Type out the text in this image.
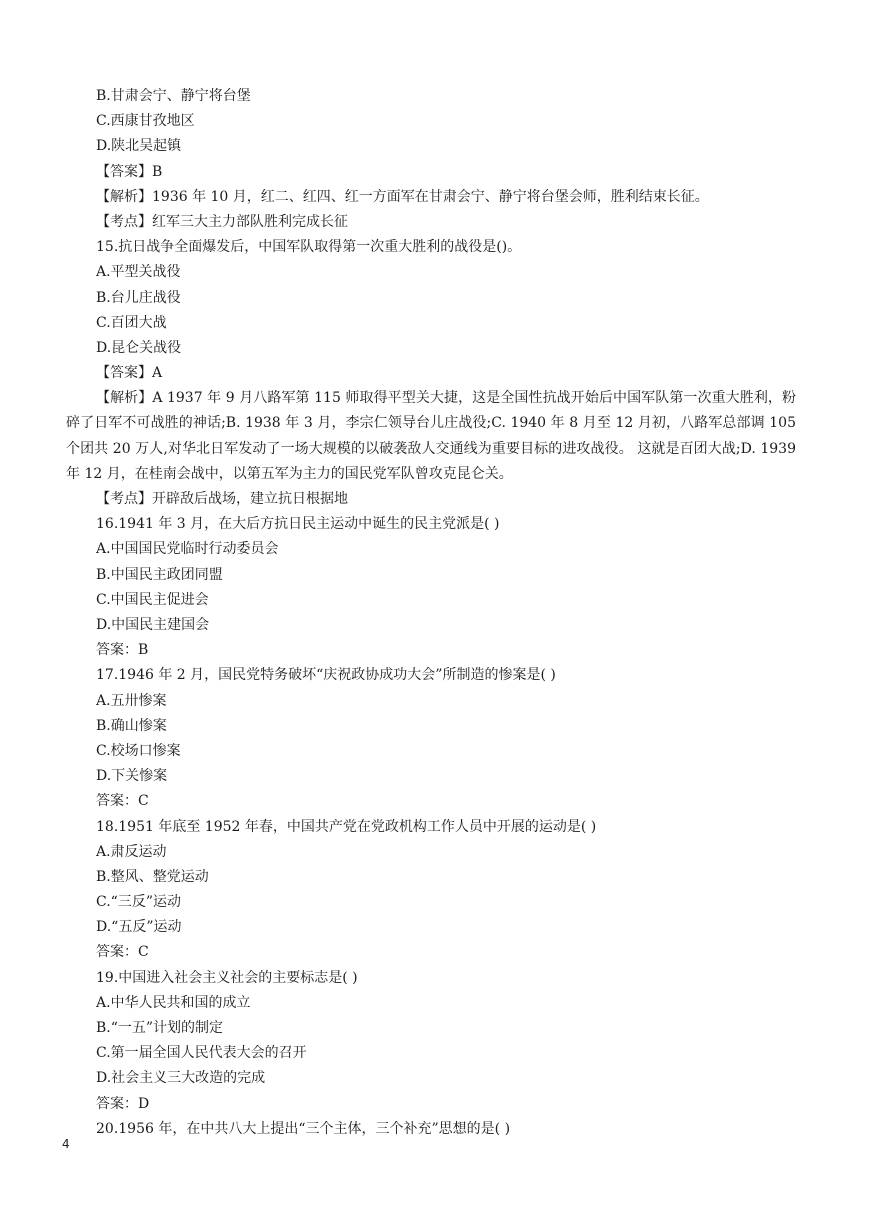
B.甘肃会宁、静宁将台堡
C.西康甘孜地区
D.陕北吴起镇
【答案】B
【解析】1936 年 10 月，红二、红四、红一方面军在甘肃会宁、静宁将台堡会师，胜利结束长征。
【考点】红军三大主力部队胜利完成长征
15.抗日战争全面爆发后，中国军队取得第一次重大胜利的战役是()。
A.平型关战役
B.台儿庄战役
C.百团大战
D.昆仑关战役
【答案】A

【解析】A 1937 年 9 月八路军第 115 师取得平型关大捷，这是全国性抗战开始后中国军队第一次重大胜利，粉碎了日军不可战胜的神话;B. 1938 年 3 月，李宗仁领导台儿庄战役;C. 1940 年 8 月至 12 月初，八路军总部调 105 个团共 20 万人,对华北日军发动了一场大规模的以破袭敌人交通线为重要目标的进攻战役。 这就是百团大战;D. 1939 年 12 月，在桂南会战中，以第五军为主力的国民党军队曾攻克昆仑关。

【考点】开辟敌后战场，建立抗日根据地
16.1941 年 3 月，在大后方抗日民主运动中诞生的民主党派是( )
A.中国国民党临时行动委员会
B.中国民主政团同盟
C.中国民主促进会
D.中国民主建国会
答案：B
17.1946 年 2 月，国民党特务破坏“庆祝政协成功大会”所制造的惨案是( )
A.五卅惨案
B.确山惨案
C.校场口惨案
D.下关惨案
答案：C
18.1951 年底至 1952 年春，中国共产党在党政机构工作人员中开展的运动是( )
A.肃反运动
B.整风、整党运动
C.“三反”运动
D.“五反”运动
答案：C
19.中国进入社会主义社会的主要标志是( )
A.中华人民共和国的成立
B.“一五”计划的制定
C.第一届全国人民代表大会的召开
D.社会主义三大改造的完成
答案：D
20.1956 年，在中共八大上提出“三个主体，三个补充”思想的是( )
4
